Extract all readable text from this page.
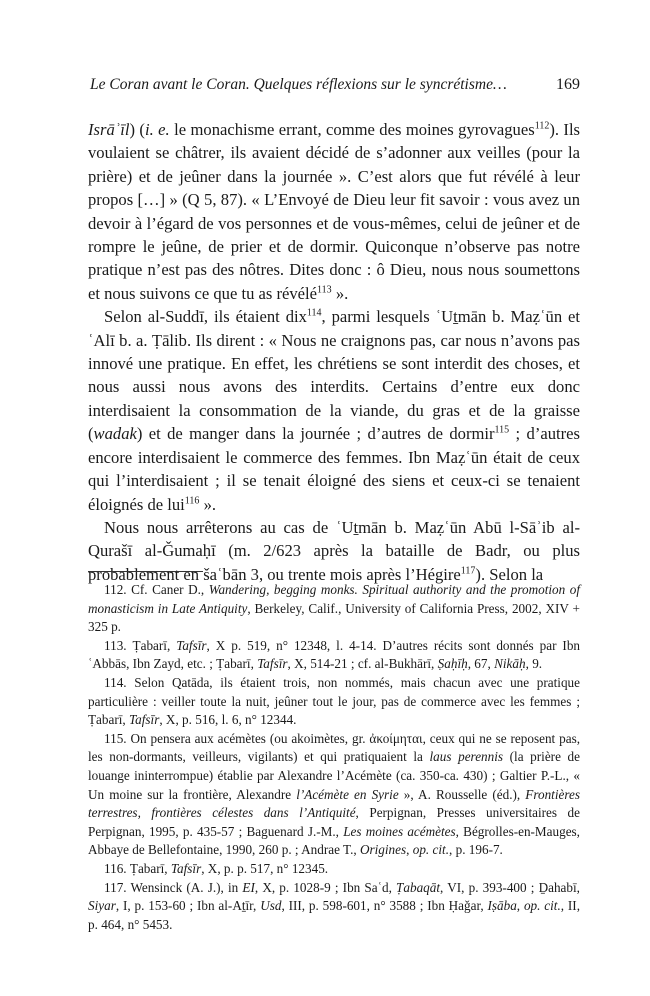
Le Coran avant le Coran. Quelques réflexions sur le syncrétisme…	169

Isrāʾīl) (i. e. le monachisme errant, comme des moines gyrovagues$^{112}$). Ils voulaient se châtrer, ils avaient décidé de s’adonner aux veilles (pour la prière) et de jeûner dans la journée ». C’est alors que fut révélé à leur propos […] » (Q 5, 87). « L’Envoyé de Dieu leur fit savoir : vous avez un devoir à l’égard de vos personnes et de vous-mêmes, celui de jeûner et de rompre le jeûne, de prier et de dormir. Quiconque n’observe pas notre pratique n’est pas des nôtres. Dites donc : ô Dieu, nous nous soumettons et nous suivons ce que tu as révélé$^{113}$ ».

Selon al-Suddī, ils étaient dix$^{114}$, parmi lesquels ʿUṯmān b. Maẓʿūn et ʿAlī b. a. Ṭālib. Ils dirent : « Nous ne craignons pas, car nous n’avons pas innové une pratique. En effet, les chrétiens se sont interdit des choses, et nous aussi nous avons des interdits. Certains d’entre eux donc interdisaient la consommation de la viande, du gras et de la graisse (wadak) et de manger dans la journée ; d’autres de dormir$^{115}$ ; d’autres encore interdisaient le commerce des femmes. Ibn Maẓʿūn était de ceux qui l’interdisaient ; il se tenait éloigné des siens et ceux-ci se tenaient éloignés de lui$^{116}$ ».

Nous nous arrêterons au cas de ʿUṯmān b. Maẓʿūn Abū l-Sāʾib al-Qurašī al-Ǧumaḥī (m. 2/623 après la bataille de Badr, ou plus probablement en šaʿbān 3, ou trente mois après l’Hégire$^{117}$). Selon la

112. Cf. Caner D., Wandering, begging monks. Spiritual authority and the promotion of monasticism in Late Antiquity, Berkeley, Calif., University of California Press, 2002, XIV + 325 p.

113. Ṭabarī, Tafsīr, X p. 519, n° 12348, l. 4-14. D’autres récits sont donnés par Ibn ʿAbbās, Ibn Zayd, etc. ; Ṭabarī, Tafsīr, X, 514-21 ; cf. al-Bukhārī, Ṣaḥīḥ, 67, Nikāḥ, 9.

114. Selon Qatāda, ils étaient trois, non nommés, mais chacun avec une pratique particulière : veiller toute la nuit, jeûner tout le jour, pas de commerce avec les femmes ; Ṭabarī, Tafsīr, X, p. 516, l. 6, n° 12344.

115. On pensera aux acémètes (ou akoimètes, gr. ἀκοίμηται, ceux qui ne se reposent pas, les non-dormants, veilleurs, vigilants) et qui pratiquaient la laus perennis (la prière de louange ininterrompue) établie par Alexandre l’Acémète (ca. 350-ca. 430) ; Galtier P.-L., « Un moine sur la frontière, Alexandre l’Acémète en Syrie », A. Rousselle (éd.), Frontières terrestres, frontières célestes dans l’Antiquité, Perpignan, Presses universitaires de Perpignan, 1995, p. 435-57 ; Baguenard J.-M., Les moines acémètes, Bégrolles-en-Mauges, Abbaye de Bellefontaine, 1990, 260 p. ; Andrae T., Origines, op. cit., p. 196-7.

116. Ṭabarī, Tafsīr, X, p. p. 517, n° 12345.

117. Wensinck (A. J.), in EI, X, p. 1028-9 ; Ibn Saʿd, Ṭabaqāt, VI, p. 393-400 ; Ḏahabī, Siyar, I, p. 153-60 ; Ibn al-Aṯīr, Usd, III, p. 598-601, n° 3588 ; Ibn Ḥaǧar, Iṣāba, op. cit., II, p. 464, n° 5453.
